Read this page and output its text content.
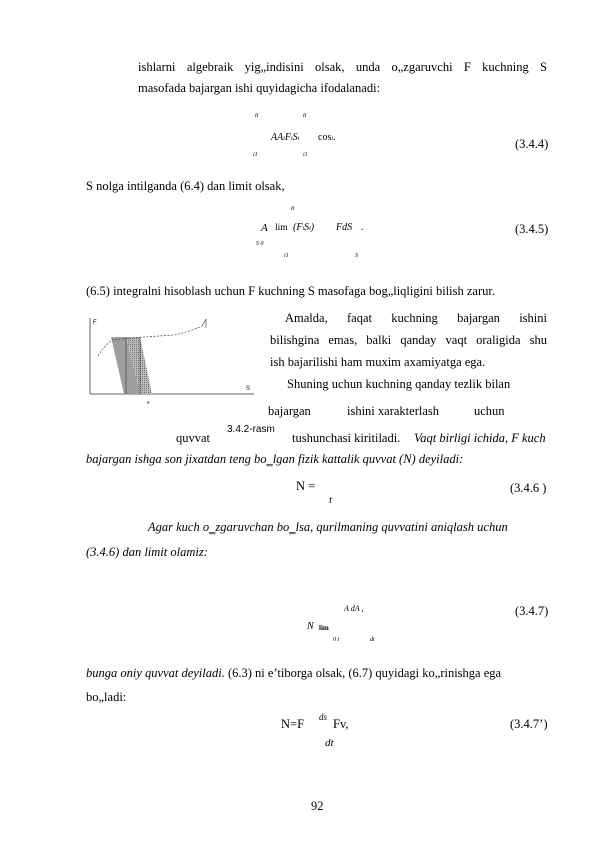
ishlarni algebraik yig„indisini olsak, unda o„zgaruvchi F kuchning S
masofada bajargan ishi quyidagicha ifodalanadi:
n	n
AAiFiSi cosi.
i1	i1
(3.4.4)
S nolga intilganda (6.4) dan limit olsak,
n
A lim (FiSi) FdS .
S 0
i1	S
(3.4.5)
(6.5) integralni hisoblash uchun F kuchning S masofaga bog„liqligini bilish zarur.
F
S
s
Amalda, faqat kuchning bajargan ishini
bilishgina emas, balki qanday vaqt oraligida shu
ish bajarilishi ham muxim axamiyatga ega.
Shuning uchun kuchning qanday tezlik bilan
bajargan	ishini xarakterlash	uchun
quvvat
3.4.2-rasm
tushunchasi kiritiladi. Vaqt birligi ichida, F kuch
bajargan ishga son jixatdan teng bo‗lgan fizik kattalik quvvat (N) deyiladi:
N =
t
(3.4.6 )
Agar kuch o‗zgaruvchan bo‗lsa, qurilmaning quvvatini aniqlash uchun
(3.4.6) dan limit olamiz:
A dA ,
N lim
0 t	dt
(3.4.7)
bunga oniy quvvat deyiladi. (6.3) ni e’tiborga olsak, (6.7) quyidagi ko„rinishga ega
bo„ladi:
N=F ds Fv,
dt
(3.4.7’)
92
